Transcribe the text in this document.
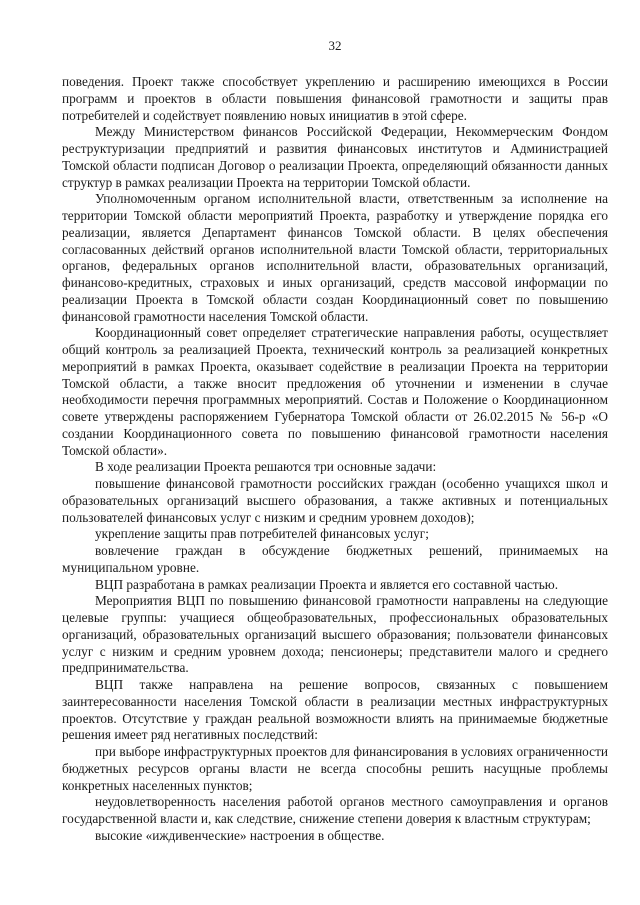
32

поведения. Проект также способствует укреплению и расширению имеющихся в России программ и проектов в области повышения финансовой грамотности и защиты прав потребителей и содействует появлению новых инициатив в этой сфере.

Между Министерством финансов Российской Федерации, Некоммерческим Фондом реструктуризации предприятий и развития финансовых институтов и Администрацией Томской области подписан Договор о реализации Проекта, определяющий обязанности данных структур в рамках реализации Проекта на территории Томской области.

Уполномоченным органом исполнительной власти, ответственным за исполнение на территории Томской области мероприятий Проекта, разработку и утверждение порядка его реализации, является Департамент финансов Томской области. В целях обеспечения согласованных действий органов исполнительной власти Томской области, территориальных органов, федеральных органов исполнительной власти, образовательных организаций, финансово-кредитных, страховых и иных организаций, средств массовой информации по реализации Проекта в Томской области создан Координационный совет по повышению финансовой грамотности населения Томской области.

Координационный совет определяет стратегические направления работы, осуществляет общий контроль за реализацией Проекта, технический контроль за реализацией конкретных мероприятий в рамках Проекта, оказывает содействие в реализации Проекта на территории Томской области, а также вносит предложения об уточнении и изменении в случае необходимости перечня программных мероприятий. Состав и Положение о Координационном совете утверждены распоряжением Губернатора Томской области от 26.02.2015 № 56-р «О создании Координационного совета по повышению финансовой грамотности населения Томской области».

В ходе реализации Проекта решаются три основные задачи:

повышение финансовой грамотности российских граждан (особенно учащихся школ и образовательных организаций высшего образования, а также активных и потенциальных пользователей финансовых услуг с низким и средним уровнем доходов);

укрепление защиты прав потребителей финансовых услуг;

вовлечение граждан в обсуждение бюджетных решений, принимаемых на муниципальном уровне.

ВЦП разработана в рамках реализации Проекта и является его составной частью.

Мероприятия ВЦП по повышению финансовой грамотности направлены на следующие целевые группы: учащиеся общеобразовательных, профессиональных образовательных организаций, образовательных организаций высшего образования; пользователи финансовых услуг с низким и средним уровнем дохода; пенсионеры; представители малого и среднего предпринимательства.

ВЦП также направлена на решение вопросов, связанных с повышением заинтересованности населения Томской области в реализации местных инфраструктурных проектов. Отсутствие у граждан реальной возможности влиять на принимаемые бюджетные решения имеет ряд негативных последствий:

при выборе инфраструктурных проектов для финансирования в условиях ограниченности бюджетных ресурсов органы власти не всегда способны решить насущные проблемы конкретных населенных пунктов;

неудовлетворенность населения работой органов местного самоуправления и органов государственной власти и, как следствие, снижение степени доверия к властным структурам;

высокие «иждивенческие» настроения в обществе.
